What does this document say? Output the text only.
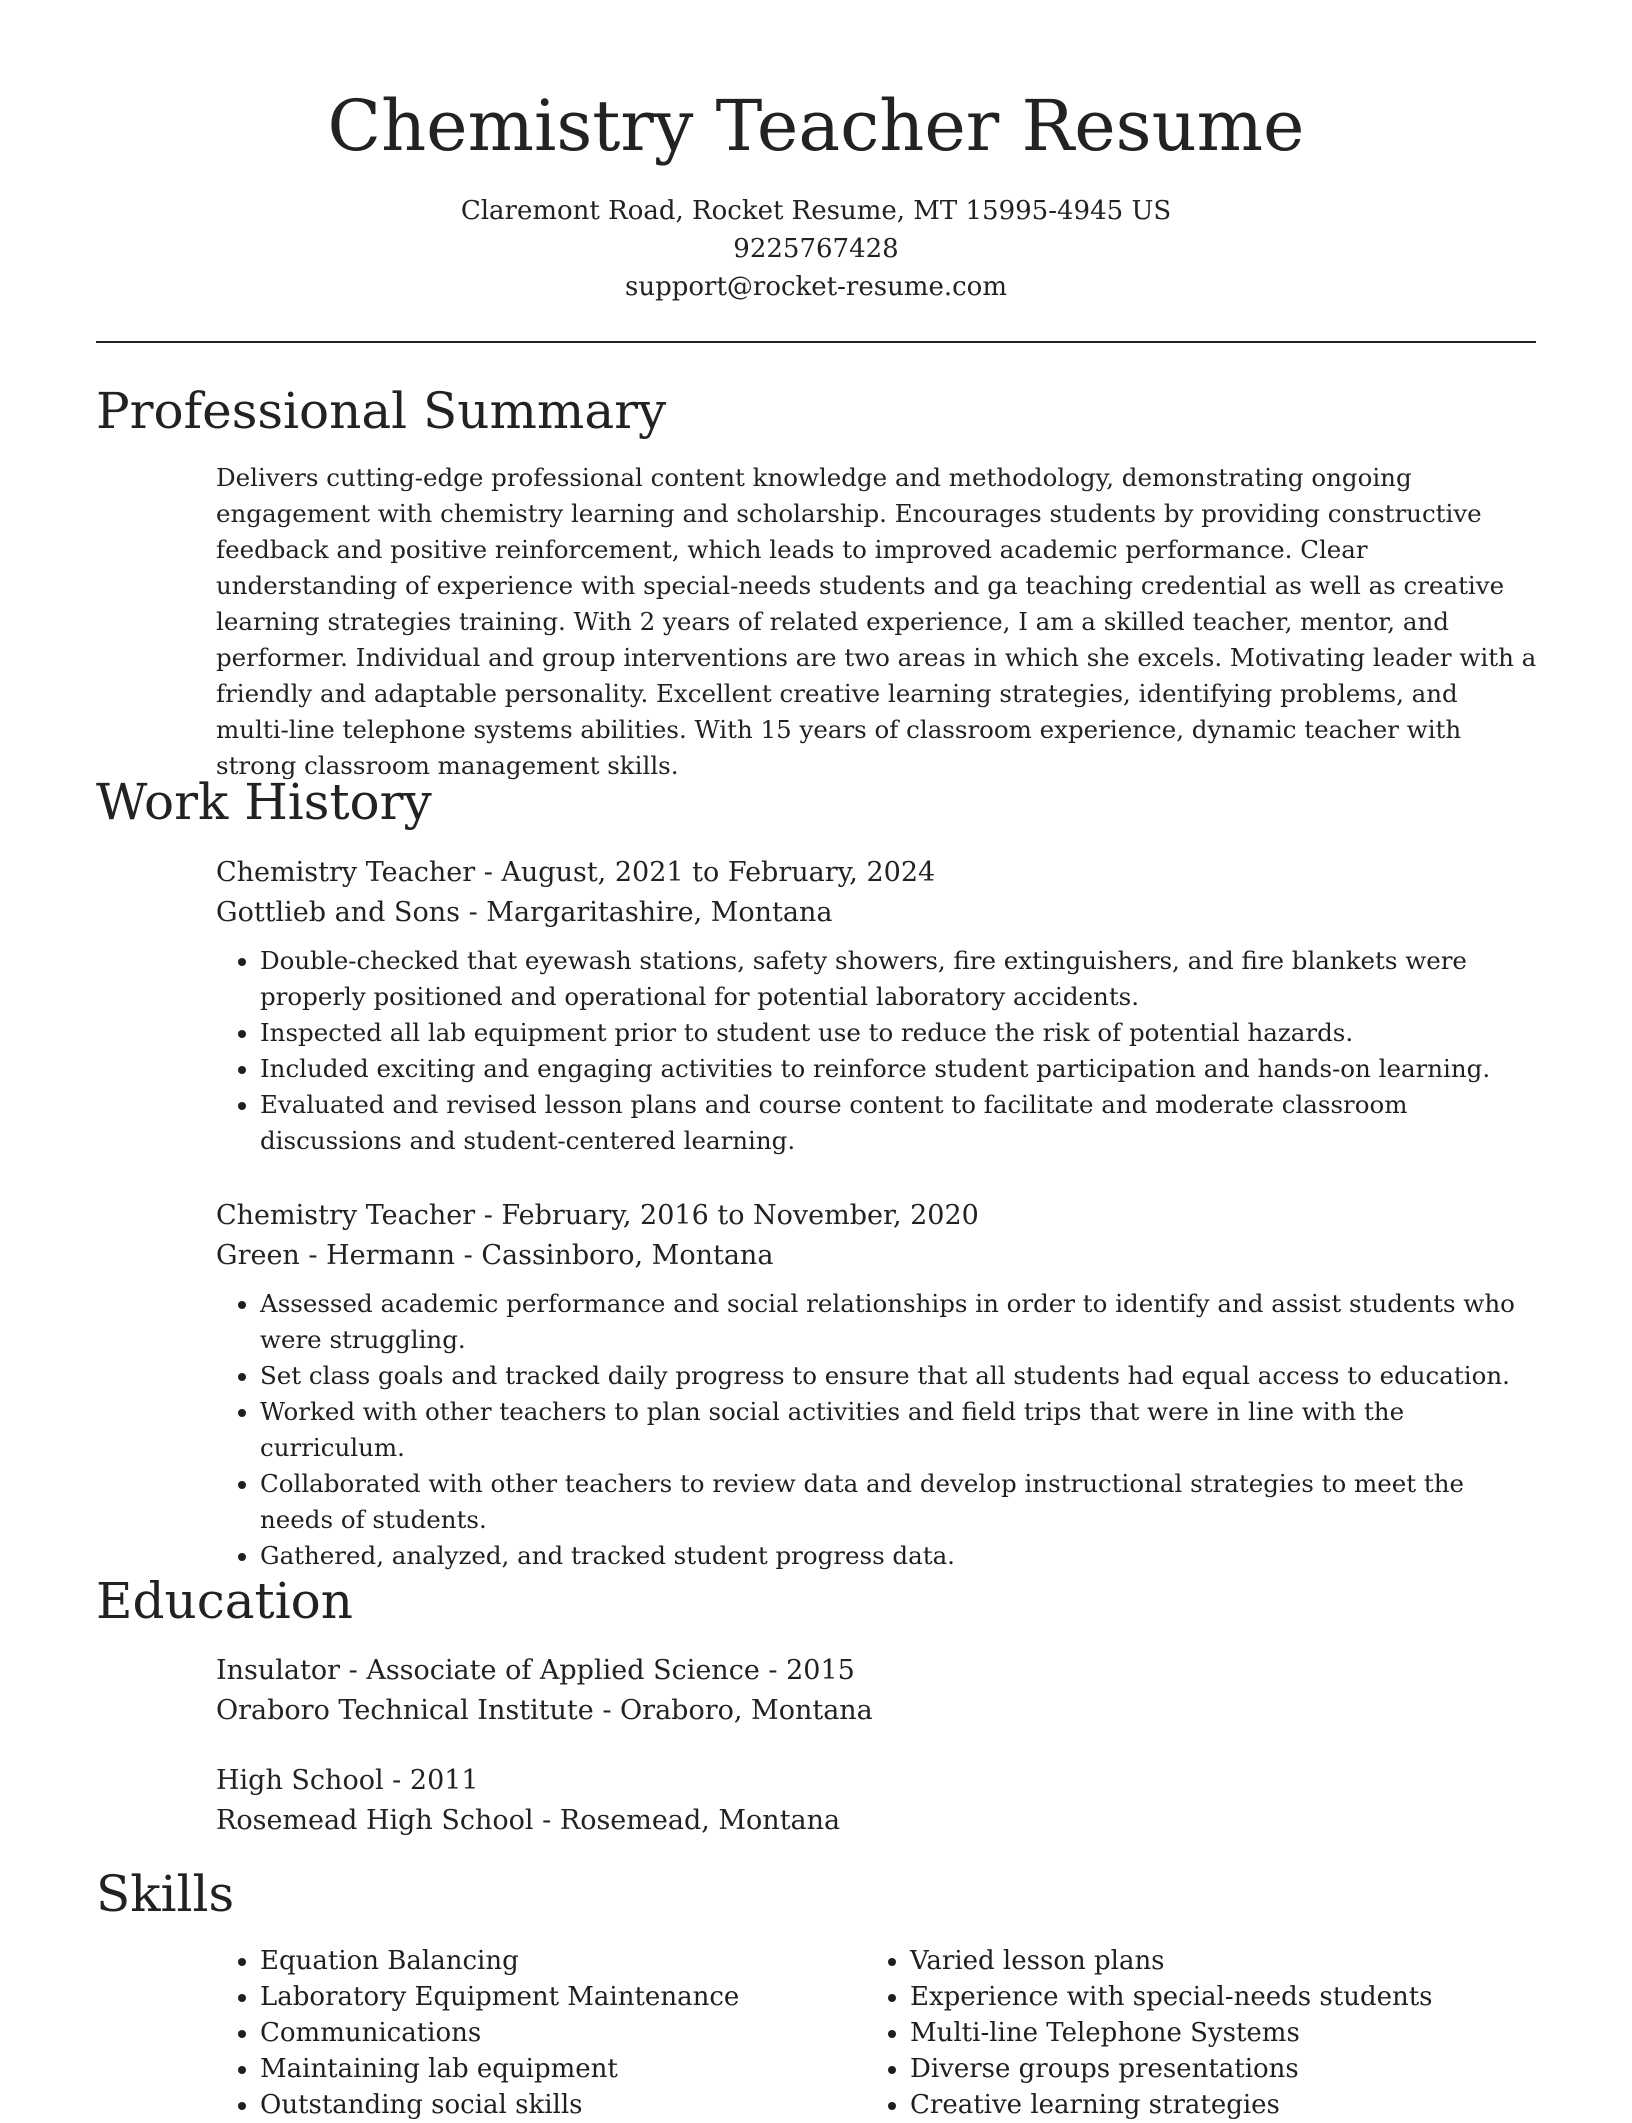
Chemistry Teacher Resume
Claremont Road, Rocket Resume, MT 15995-4945 US
9225767428
support@rocket-resume.com
Professional Summary
Delivers cutting-edge professional content knowledge and methodology, demonstrating ongoing engagement with chemistry learning and scholarship. Encourages students by providing constructive feedback and positive reinforcement, which leads to improved academic performance. Clear understanding of experience with special-needs students and ga teaching credential as well as creative learning strategies training. With 2 years of related experience, I am a skilled teacher, mentor, and performer. Individual and group interventions are two areas in which she excels. Motivating leader with a friendly and adaptable personality. Excellent creative learning strategies, identifying problems, and multi-line telephone systems abilities. With 15 years of classroom experience, dynamic teacher with strong classroom management skills.
Work History
Chemistry Teacher - August, 2021 to February, 2024
Gottlieb and Sons - Margaritashire, Montana
• Double-checked that eyewash stations, safety showers, fire extinguishers, and fire blankets were properly positioned and operational for potential laboratory accidents.
• Inspected all lab equipment prior to student use to reduce the risk of potential hazards.
• Included exciting and engaging activities to reinforce student participation and hands-on learning.
• Evaluated and revised lesson plans and course content to facilitate and moderate classroom discussions and student-centered learning.
Chemistry Teacher - February, 2016 to November, 2020
Green - Hermann - Cassinboro, Montana
• Assessed academic performance and social relationships in order to identify and assist students who were struggling.
• Set class goals and tracked daily progress to ensure that all students had equal access to education.
• Worked with other teachers to plan social activities and field trips that were in line with the curriculum.
• Collaborated with other teachers to review data and develop instructional strategies to meet the needs of students.
• Gathered, analyzed, and tracked student progress data.
Education
Insulator - Associate of Applied Science - 2015
Oraboro Technical Institute - Oraboro, Montana
High School - 2011
Rosemead High School - Rosemead, Montana
Skills
• Equation Balancing
• Laboratory Equipment Maintenance
• Communications
• Maintaining lab equipment
• Outstanding social skills
• Varied lesson plans
• Experience with special-needs students
• Multi-line Telephone Systems
• Diverse groups presentations
• Creative learning strategies
